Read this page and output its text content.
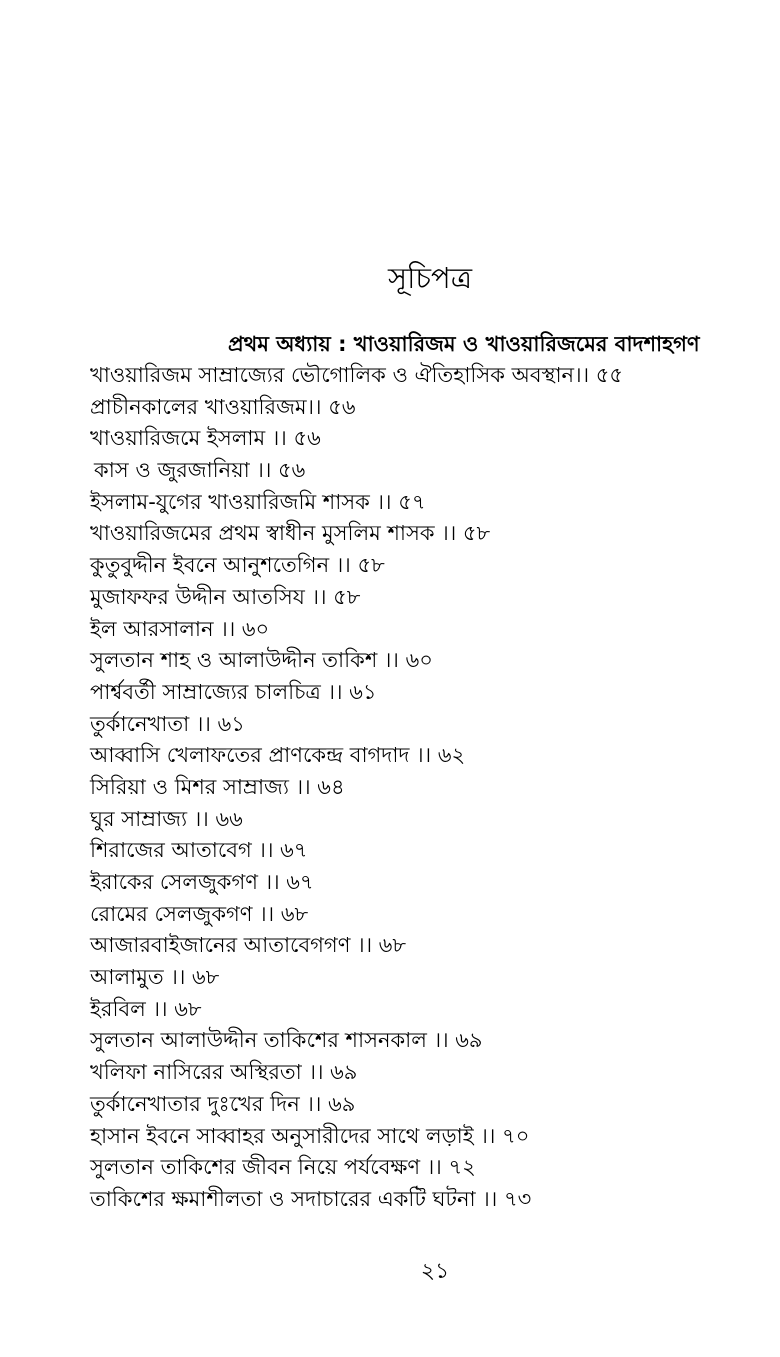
সূচিপত্র
প্রথম অধ্যায় : খাওয়ারিজম ও খাওয়ারিজমের বাদশাহগণ
খাওয়ারিজম সাম্রাজ্যের ভৌগোলিক ও ঐতিহাসিক অবস্থান।। ৫৫
প্রাচীনকালের খাওয়ারিজম।। ৫৬
খাওয়ারিজমে ইসলাম ।। ৫৬
কাস ও জুরজানিয়া ।। ৫৬
ইসলাম-যুগের খাওয়ারিজমি শাসক ।। ৫৭
খাওয়ারিজমের প্রথম স্বাধীন মুসলিম শাসক ।। ৫৮
কুতুবুদ্দীন ইবনে আনুশতেগিন ।। ৫৮
মুজাফফর উদ্দীন আতসিয ।। ৫৮
ইল আরসালান ।। ৬০
সুলতান শাহ ও আলাউদ্দীন তাকিশ ।। ৬০
পার্শ্ববর্তী সাম্রাজ্যের চালচিত্র ।। ৬১
তুর্কানেখাতা ।। ৬১
আব্বাসি খেলাফতের প্রাণকেন্দ্র বাগদাদ ।। ৬২
সিরিয়া ও মিশর সাম্রাজ্য ।। ৬৪
ঘুর সাম্রাজ্য ।। ৬৬
শিরাজের আতাবেগ ।। ৬৭
ইরাকের সেলজুকগণ ।। ৬৭
রোমের সেলজুকগণ ।। ৬৮
আজারবাইজানের আতাবেগগণ ।। ৬৮
আলামুত ।। ৬৮
ইরবিল ।। ৬৮
সুলতান আলাউদ্দীন তাকিশের শাসনকাল ।। ৬৯
খলিফা নাসিরের অস্থিরতা ।। ৬৯
তুর্কানেখাতার দুঃখের দিন ।। ৬৯
হাসান ইবনে সাব্বাহর অনুসারীদের সাথে লড়াই ।। ৭০
সুলতান তাকিশের জীবন নিয়ে পর্যবেক্ষণ ।। ৭২
তাকিশের ক্ষমাশীলতা ও সদাচারের একটি ঘটনা ।। ৭৩
২১
